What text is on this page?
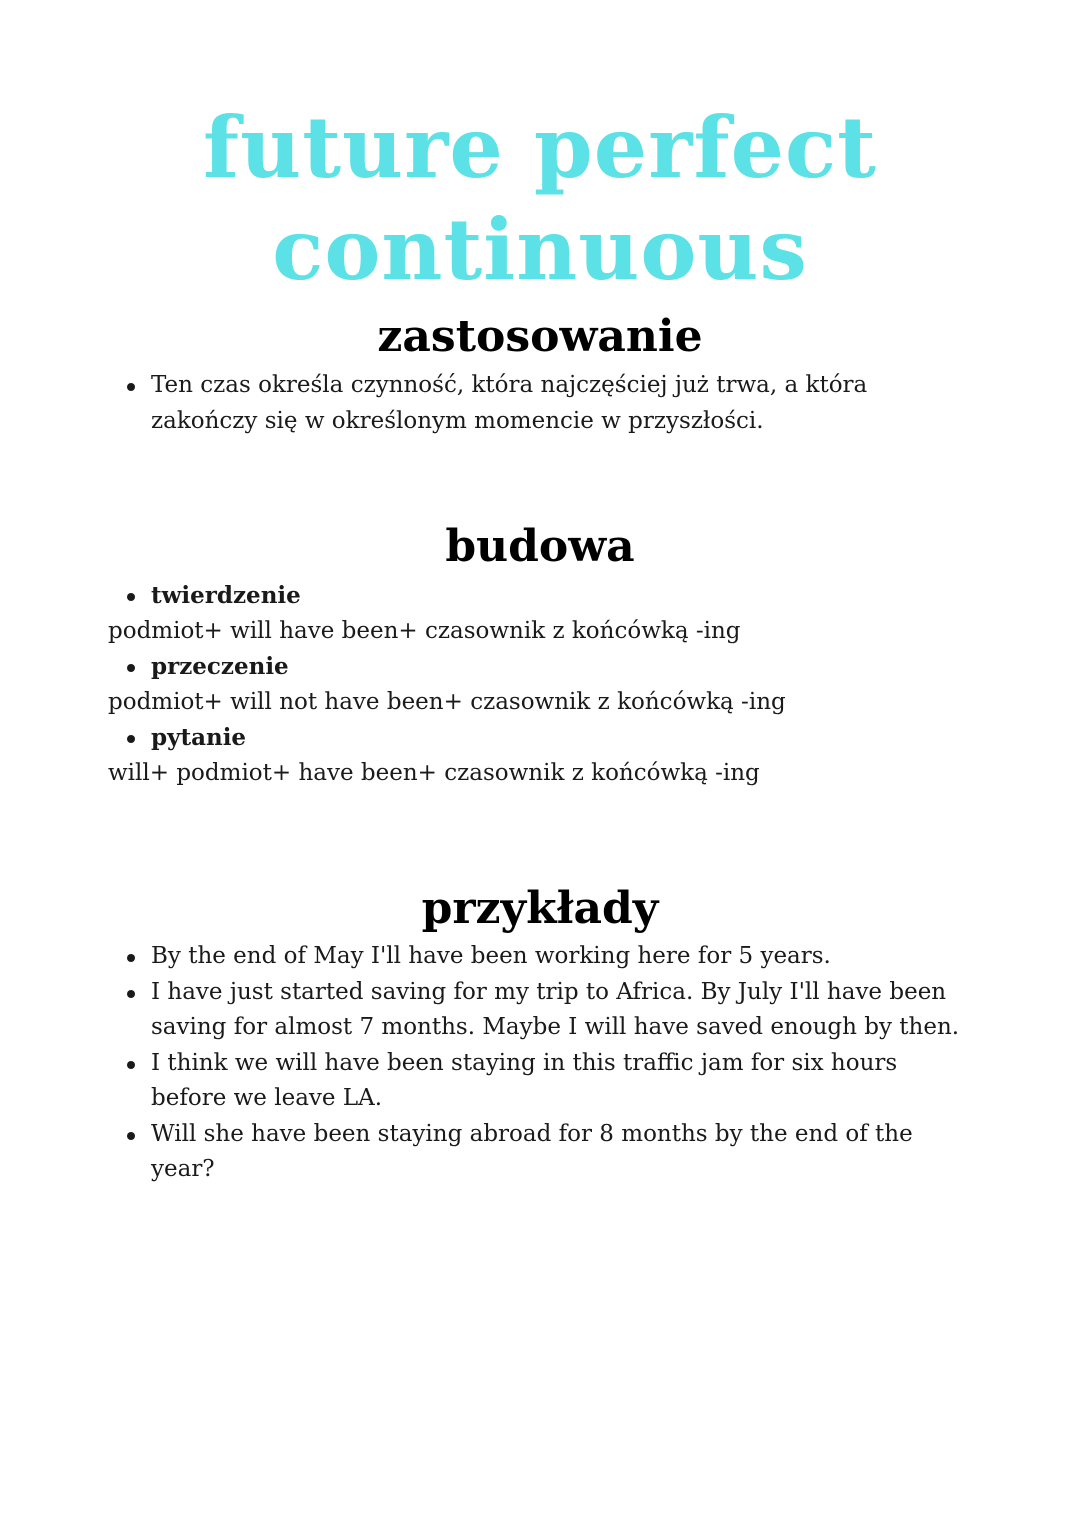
future perfect
continuous
zastosowanie
Ten czas określa czynność, która najczęściej już trwa, a która zakończy się w określonym momencie w przyszłości.
budowa
twierdzenie
podmiot+ will have been+ czasownik z końcówką -ing
przeczenie
podmiot+ will not have been+ czasownik z końcówką -ing
pytanie
will+ podmiot+ have been+ czasownik z końcówką -ing
przykłady
By the end of May I'll have been working here for 5 years.
I have just started saving for my trip to Africa. By July I'll have been saving for almost 7 months. Maybe I will have saved enough by then.
I think we will have been staying in this traffic jam for six hours before we leave LA.
Will she have been staying abroad for 8 months by the end of the year?
